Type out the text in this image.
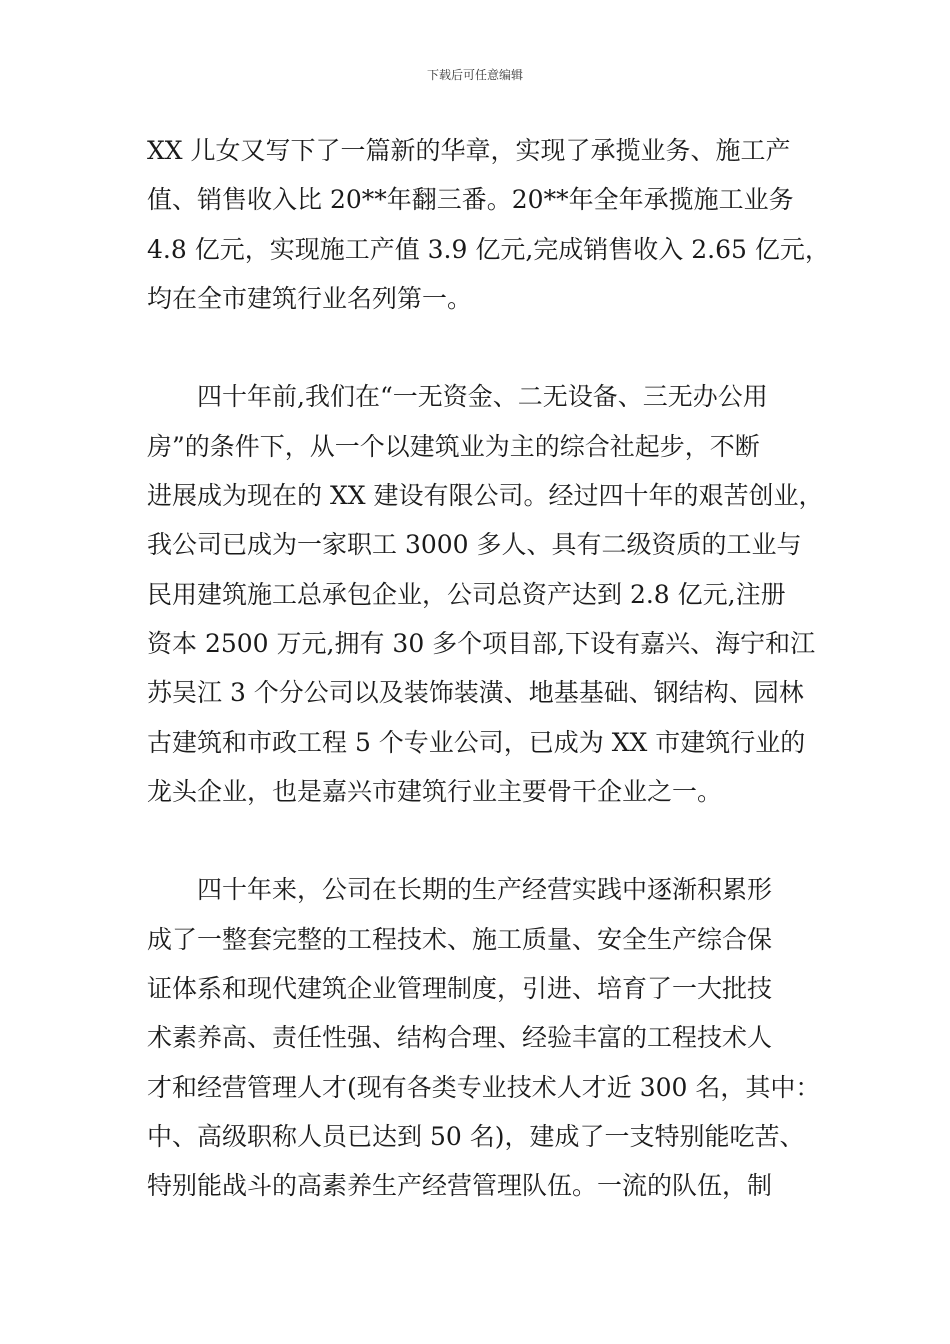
下载后可任意编辑

XX 儿女又写下了一篇新的华章，实现了承揽业务、施工产
值、销售收入比 20**年翻三番。20**年全年承揽施工业务
4.8 亿元，实现施工产值 3.9 亿元,完成销售收入 2.65 亿元，
均在全市建筑行业名列第一。

四十年前,我们在“一无资金、二无设备、三无办公用
房”的条件下，从一个以建筑业为主的综合社起步，不断
进展成为现在的 XX 建设有限公司。经过四十年的艰苦创业，
我公司已成为一家职工 3000 多人、具有二级资质的工业与
民用建筑施工总承包企业，公司总资产达到 2.8 亿元,注册
资本 2500 万元,拥有 30 多个项目部,下设有嘉兴、海宁和江
苏吴江 3 个分公司以及装饰装潢、地基基础、钢结构、园林
古建筑和市政工程 5 个专业公司，已成为 XX 市建筑行业的
龙头企业，也是嘉兴市建筑行业主要骨干企业之一。

四十年来，公司在长期的生产经营实践中逐渐积累形
成了一整套完整的工程技术、施工质量、安全生产综合保
证体系和现代建筑企业管理制度，引进、培育了一大批技
术素养高、责任性强、结构合理、经验丰富的工程技术人
才和经营管理人才(现有各类专业技术人才近 300 名，其中：
中、高级职称人员已达到 50 名)，建成了一支特别能吃苦、
特别能战斗的高素养生产经营管理队伍。一流的队伍，制
